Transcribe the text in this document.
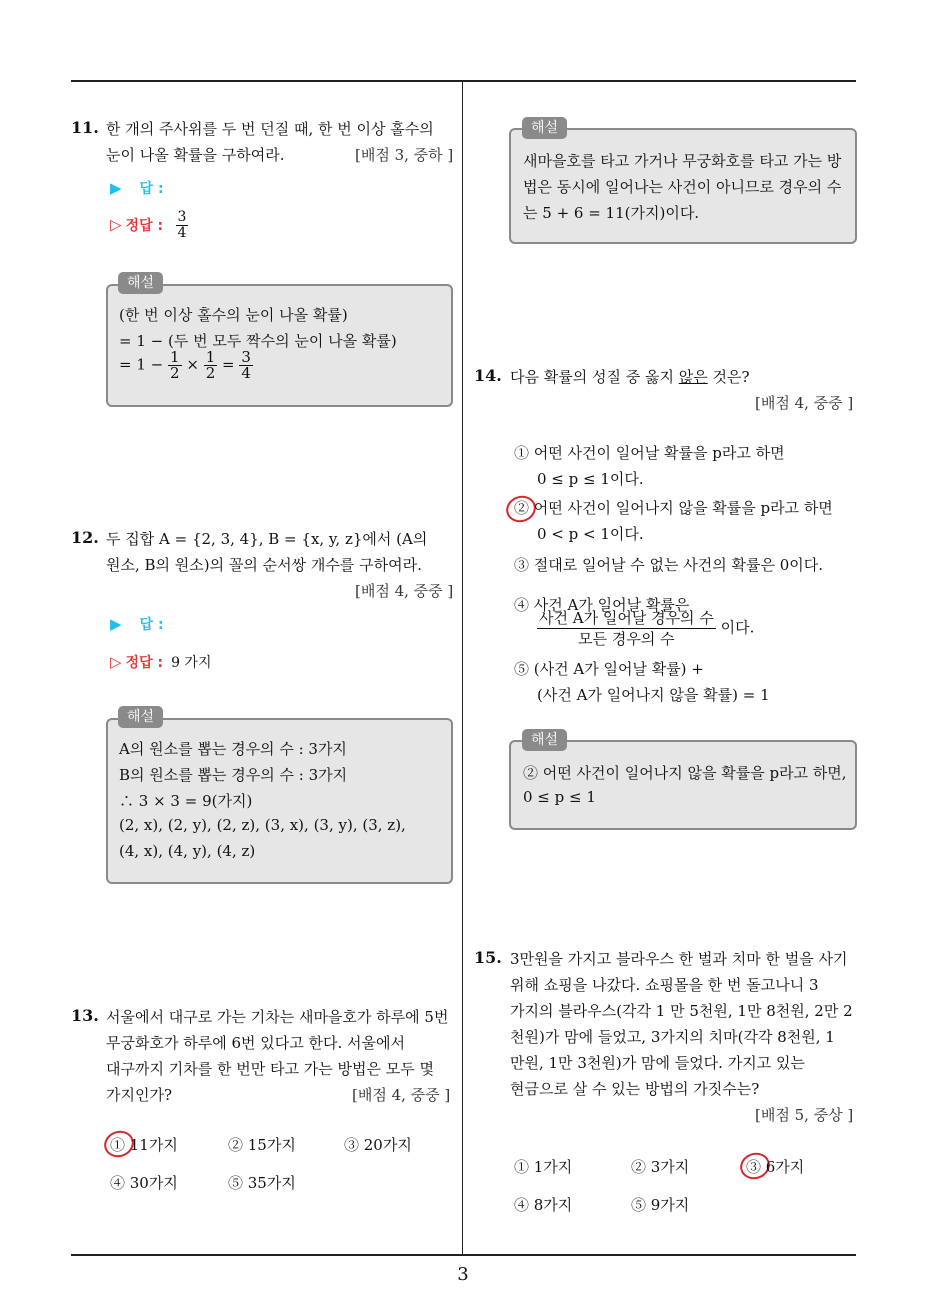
11. 한 개의 주사위를 두 번 던질 때, 한 번 이상 홀수의
눈이 나올 확률을 구하여라.	[배점 3, 중하 ]
▶ 답 :
▷ 정답 : $\frac{3}{4}$
(한 번 이상 홀수의 눈이 나올 확률)
= 1 − (두 번 모두 짝수의 눈이 나올 확률)
= $1 - \frac{1}{2} \times \frac{1}{2} = \frac{3}{4}$
해설
12. 두 집합 A = {2, 3, 4}, B = {x, y, z}에서 (A의
원소, B의 원소)의 꼴의 순서쌍 개수를 구하여라.
[배점 4, 중중 ]
▶ 답 :
▷ 정답 : 9 가지
A의 원소를 뽑는 경우의 수 : 3가지
B의 원소를 뽑는 경우의 수 : 3가지
∴ 3 × 3 = 9(가지)
(2, x), (2, y), (2, z), (3, x), (3, y), (3, z),
(4, x), (4, y), (4, z)
해설
13. 서울에서 대구로 가는 기차는 새마을호가 하루에 5번
무궁화호가 하루에 6번 있다고 한다. 서울에서
대구까지 기차를 한 번만 타고 가는 방법은 모두 몇
가지인가?	[배점 4, 중중 ]
① 11가지	② 15가지	③ 20가지
④ 30가지	⑤ 35가지
새마을호를 타고 가거나 무궁화호를 타고 가는 방
법은 동시에 일어나는 사건이 아니므로 경우의 수
는 5 + 6 = 11(가지)이다.
해설
14. 다음 확률의 성질 중 옳지 않은 것은?
[배점 4, 중중 ]
① 어떤 사건이 일어날 확률을 p라고 하면
0 ≤ p ≤ 1이다.
② 어떤 사건이 일어나지 않을 확률을 p라고 하면
0 < p < 1이다.
③ 절대로 일어날 수 없는 사건의 확률은 0이다.
④ 사건 A가 일어날 확률은
$\frac{\text{사건 A가 일어날 경우의 수}}{\text{모든 경우의 수}}$ 이다.
⑤ (사건 A가 일어날 확률) +
(사건 A가 일어나지 않을 확률) = 1
② 어떤 사건이 일어나지 않을 확률을 p라고 하면,
0 ≤ p ≤ 1
해설
15. 3만원을 가지고 블라우스 한 벌과 치마 한 벌을 사기
위해 쇼핑을 나갔다. 쇼핑몰을 한 번 돌고나니 3
가지의 블라우스(각각 1 만 5천원, 1만 8천원, 2만 2
천원)가 맘에 들었고, 3가지의 치마(각각 8천원, 1
만원, 1만 3천원)가 맘에 들었다. 가지고 있는
현금으로 살 수 있는 방법의 가짓수는?
[배점 5, 중상 ]
① 1가지	② 3가지	③ 6가지
④ 8가지	⑤ 9가지
3
